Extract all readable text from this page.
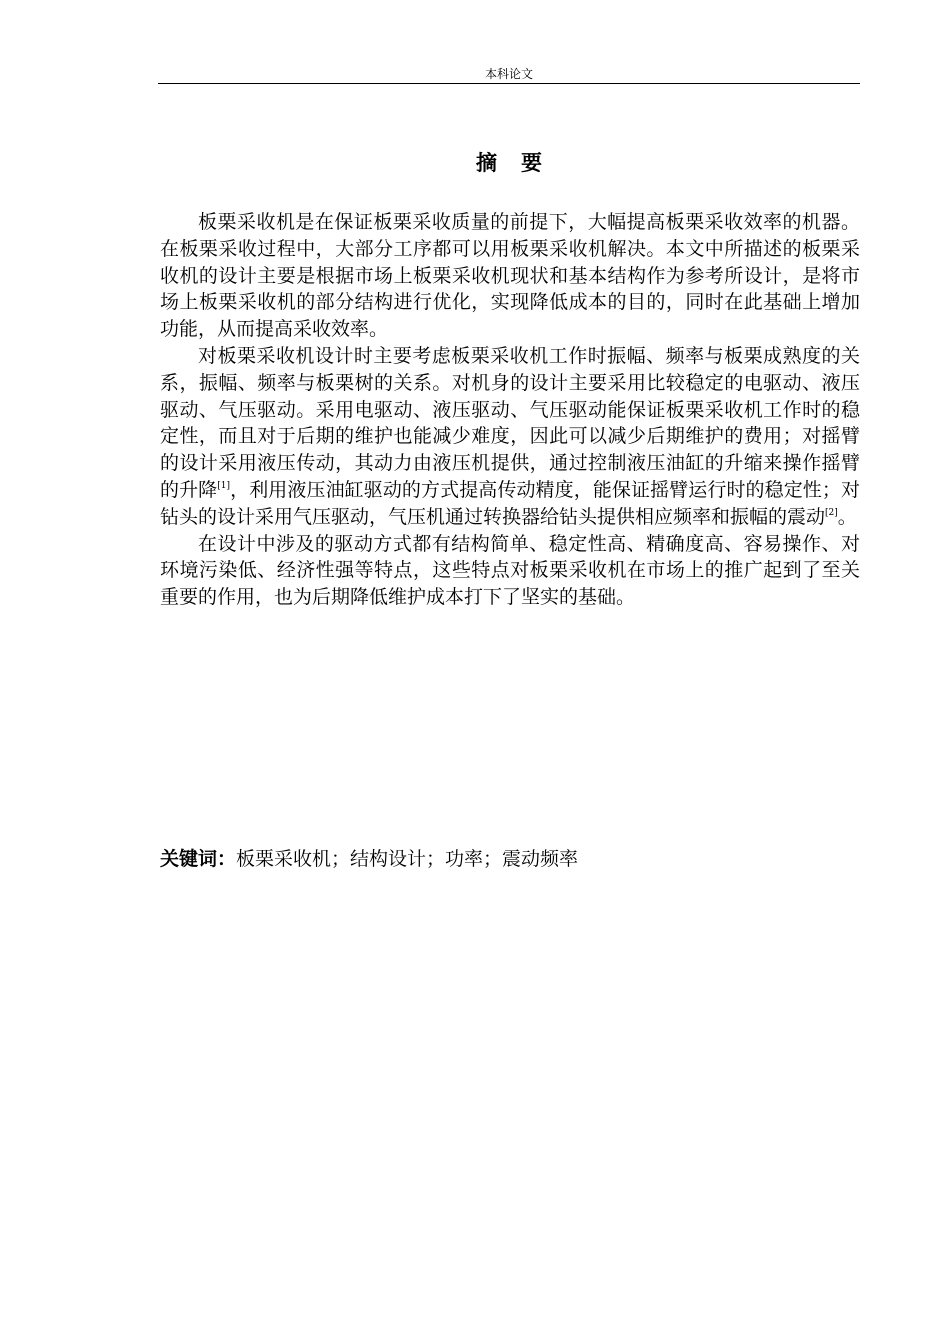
本科论文
摘要

板栗采收机是在保证板栗采收质量的前提下，大幅提高板栗采收效率的机器。在板栗采收过程中，大部分工序都可以用板栗采收机解决。本文中所描述的板栗采收机的设计主要是根据市场上板栗采收机现状和基本结构作为参考所设计，是将市场上板栗采收机的部分结构进行优化，实现降低成本的目的，同时在此基础上增加功能，从而提高采收效率。

对板栗采收机设计时主要考虑板栗采收机工作时振幅、频率与板栗成熟度的关系，振幅、频率与板栗树的关系。对机身的设计主要采用比较稳定的电驱动、液压驱动、气压驱动。采用电驱动、液压驱动、气压驱动能保证板栗采收机工作时的稳定性，而且对于后期的维护也能减少难度，因此可以减少后期维护的费用；对摇臂的设计采用液压传动，其动力由液压机提供，通过控制液压油缸的升缩来操作摇臂的升降[1]，利用液压油缸驱动的方式提高传动精度，能保证摇臂运行时的稳定性；对钻头的设计采用气压驱动，气压机通过转换器给钻头提供相应频率和振幅的震动[2]。

在设计中涉及的驱动方式都有结构简单、稳定性高、精确度高、容易操作、对环境污染低、经济性强等特点，这些特点对板栗采收机在市场上的推广起到了至关重要的作用，也为后期降低维护成本打下了坚实的基础。

关键词：板栗采收机；结构设计；功率；震动频率
